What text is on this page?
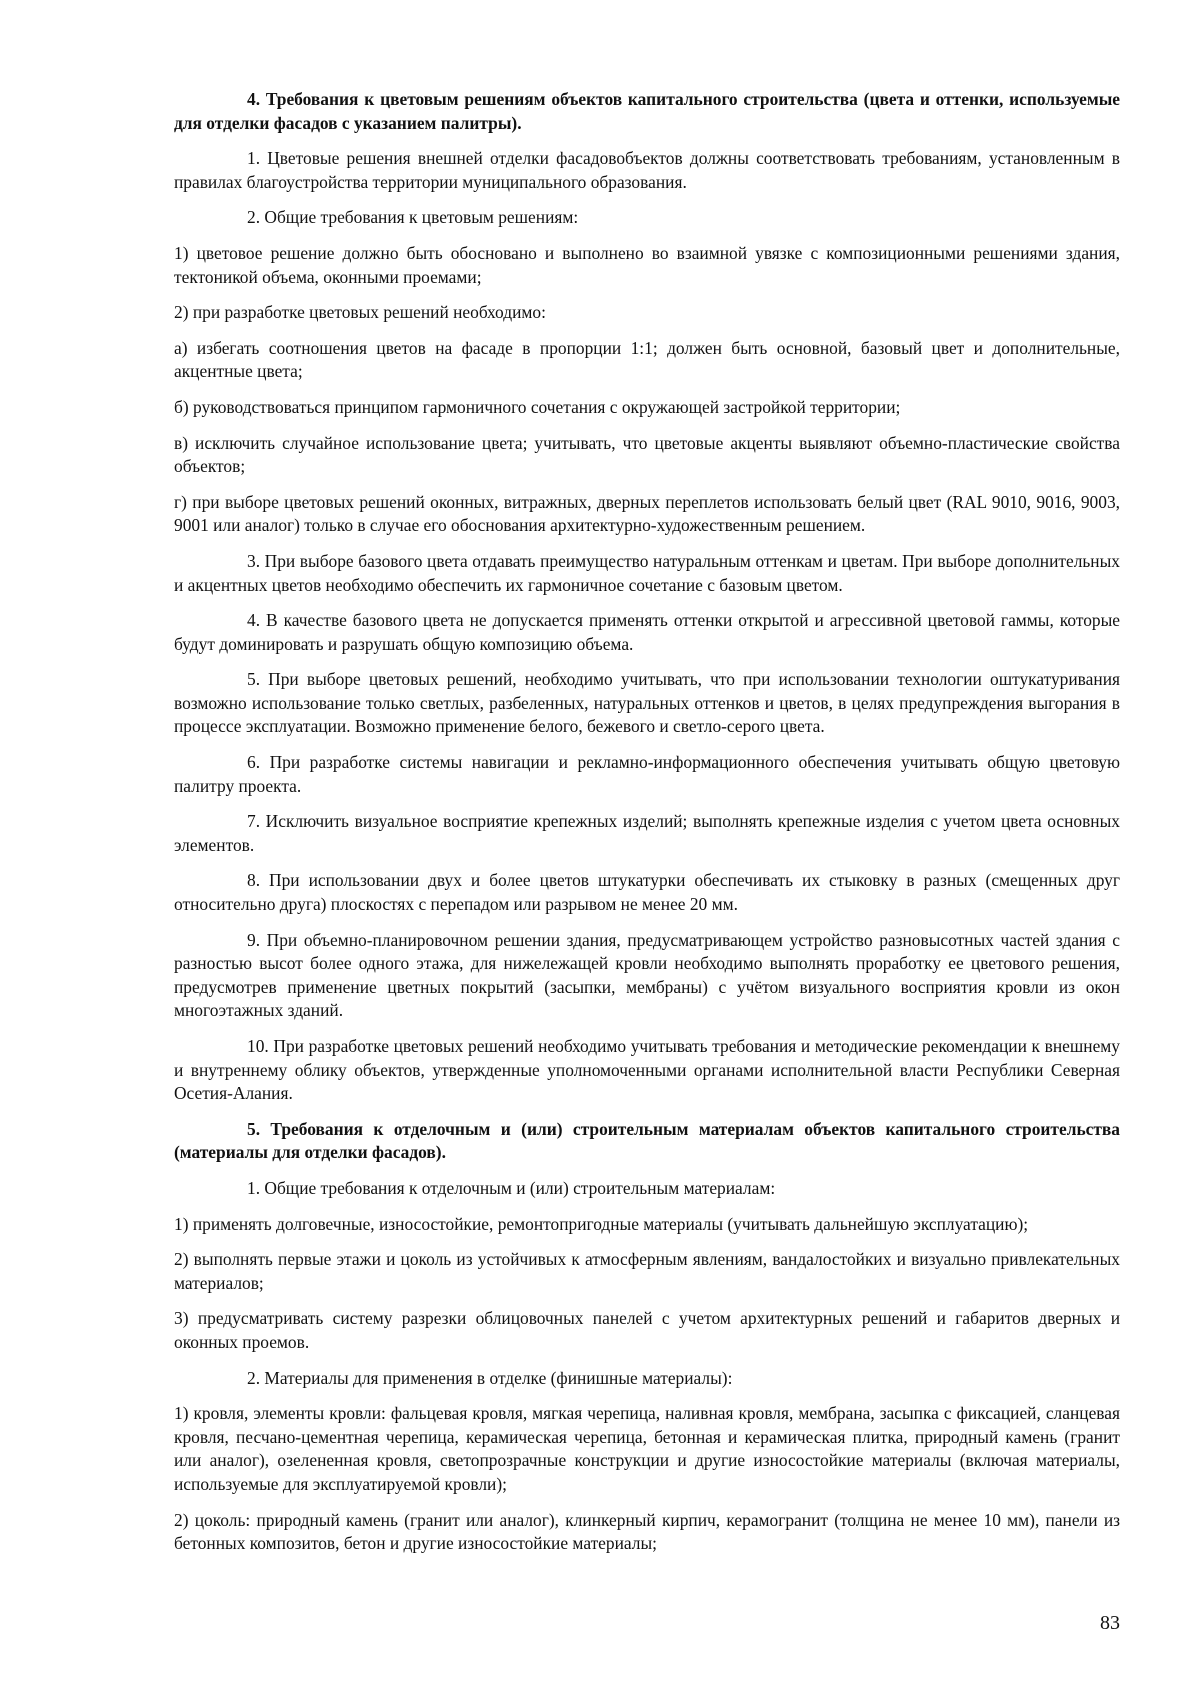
4. Требования к цветовым решениям объектов капитального строительства (цвета и оттенки, используемые для отделки фасадов с указанием палитры).

1. Цветовые решения внешней отделки фасадовобъектов должны соответствовать требованиям, установленным в правилах благоустройства территории муниципального образования.

2. Общие требования к цветовым решениям:

1) цветовое решение должно быть обосновано и выполнено во взаимной увязке с композиционными решениями здания, тектоникой объема, оконными проемами;

2) при разработке цветовых решений необходимо:

а) избегать соотношения цветов на фасаде в пропорции 1:1; должен быть основной, базовый цвет и дополнительные, акцентные цвета;

б) руководствоваться принципом гармоничного сочетания с окружающей застройкой территории;

в) исключить случайное использование цвета; учитывать, что цветовые акценты выявляют объемно-пластические свойства объектов;

г) при выборе цветовых решений оконных, витражных, дверных переплетов использовать белый цвет (RAL 9010, 9016, 9003, 9001 или аналог) только в случае его обоснования архитектурно-художественным решением.

3. При выборе базового цвета отдавать преимущество натуральным оттенкам и цветам. При выборе дополнительных и акцентных цветов необходимо обеспечить их гармоничное сочетание с базовым цветом.

4. В качестве базового цвета не допускается применять оттенки открытой и агрессивной цветовой гаммы, которые будут доминировать и разрушать общую композицию объема.

5. При выборе цветовых решений, необходимо учитывать, что при использовании технологии оштукатуривания возможно использование только светлых, разбеленных, натуральных оттенков и цветов, в целях предупреждения выгорания в процессе эксплуатации. Возможно применение белого, бежевого и светло-серого цвета.

6. При разработке системы навигации и рекламно-информационного обеспечения учитывать общую цветовую палитру проекта.

7. Исключить визуальное восприятие крепежных изделий; выполнять крепежные изделия с учетом цвета основных элементов.

8. При использовании двух и более цветов штукатурки обеспечивать их стыковку в разных (смещенных друг относительно друга) плоскостях с перепадом или разрывом не менее 20 мм.

9. При объемно-планировочном решении здания, предусматривающем устройство разновысотных частей здания с разностью высот более одного этажа, для нижележащей кровли необходимо выполнять проработку ее цветового решения, предусмотрев применение цветных покрытий (засыпки, мембраны) с учётом визуального восприятия кровли из окон многоэтажных зданий.

10. При разработке цветовых решений необходимо учитывать требования и методические рекомендации к внешнему и внутреннему облику объектов, утвержденные уполномоченными органами исполнительной власти Республики Северная Осетия-Алания.

5. Требования к отделочным и (или) строительным материалам объектов капитального строительства (материалы для отделки фасадов).

1. Общие требования к отделочным и (или) строительным материалам:

1) применять долговечные, износостойкие, ремонтопригодные материалы (учитывать дальнейшую эксплуатацию);

2) выполнять первые этажи и цоколь из устойчивых к атмосферным явлениям, вандалостойких и визуально привлекательных материалов;

3) предусматривать систему разрезки облицовочных панелей с учетом архитектурных решений и габаритов дверных и оконных проемов.

2. Материалы для применения в отделке (финишные материалы):

1) кровля, элементы кровли: фальцевая кровля, мягкая черепица, наливная кровля, мембрана, засыпка с фиксацией, сланцевая кровля, песчано-цементная черепица, керамическая черепица, бетонная и керамическая плитка, природный камень (гранит или аналог), озелененная кровля, светопрозрачные конструкции и другие износостойкие материалы (включая материалы, используемые для эксплуатируемой кровли);

2) цоколь: природный камень (гранит или аналог), клинкерный кирпич, керамогранит (толщина не менее 10 мм), панели из бетонных композитов, бетон и другие износостойкие материалы;

83
